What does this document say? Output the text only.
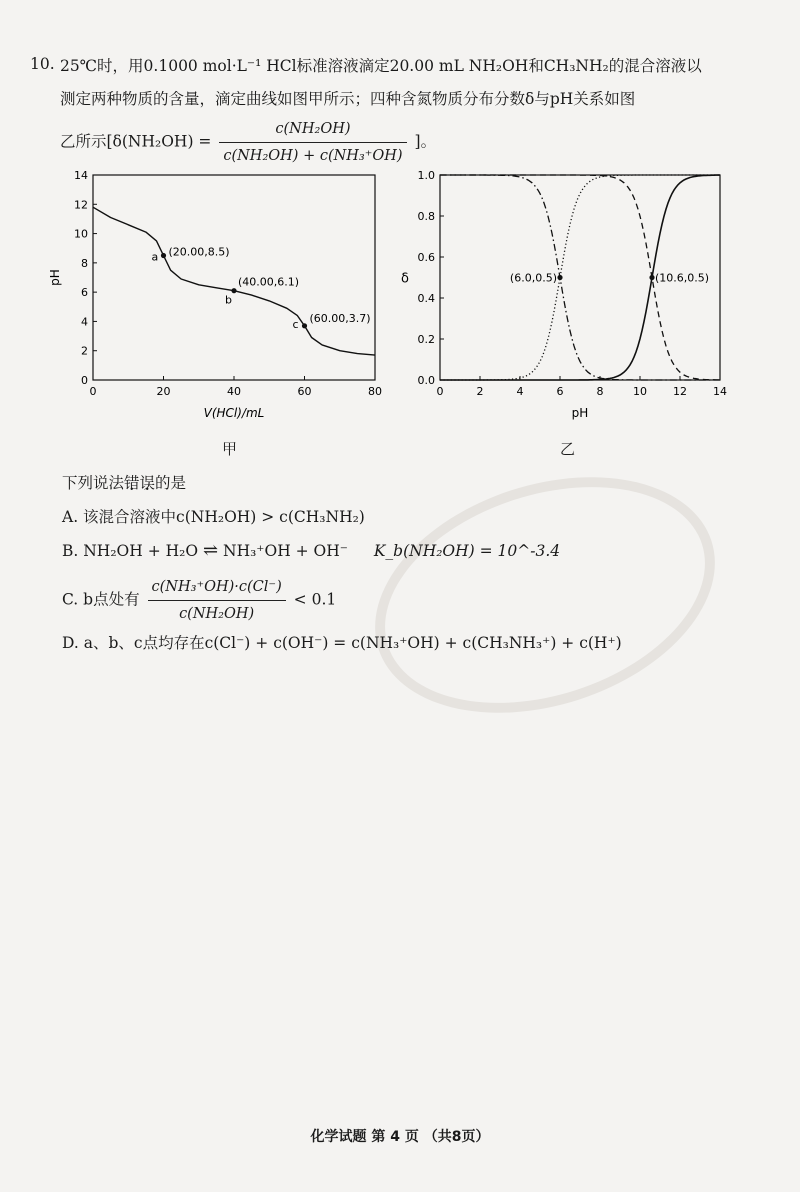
10. 25℃时，用0.1000 mol·L⁻¹ HCl标准溶液滴定20.00 mL NH₂OH和CH₃NH₂的混合溶液以
测定两种物质的含量，滴定曲线如图甲所示；四种含氮物质分布分数δ与pH关系如图
乙所示[$\delta(NH_2OH) = \frac{\text{c(NH₂OH)}}{\text{c(NH₂OH) + c(NH₃⁺OH)}}$ ]。
0	20	40	60	80
0
2
4
6
8
10
12
14
a (20.00,8.5)
b
(40.00,6.1)
c (60.00,3.7)
V(HCl)/mL
pH
甲
0	2	4	6	8	10 12 14
0.0
0.2
0.4
0.6
0.8
1.0
(6.0,0.5)	(10.6,0.5)
pH
δ
乙
下列说法错误的是
A. 该混合溶液中c(NH₂OH) > c(CH₃NH₂)
B. NH₂OH + H₂O ⇌ NH₃⁺OH + OH⁻ K_b(NH₂OH) = 10^-3.4
C. b点处有 $\frac{\text{c(NH₃⁺OH)·c(Cl⁻)}}{\text{c(NH₂OH)}} < 0.1$
D. a、b、c点均存在c(Cl⁻) + c(OH⁻) = c(NH₃⁺OH) + c(CH₃NH₃⁺) + c(H⁺)
化学试题 第 4 页 （共8页）
